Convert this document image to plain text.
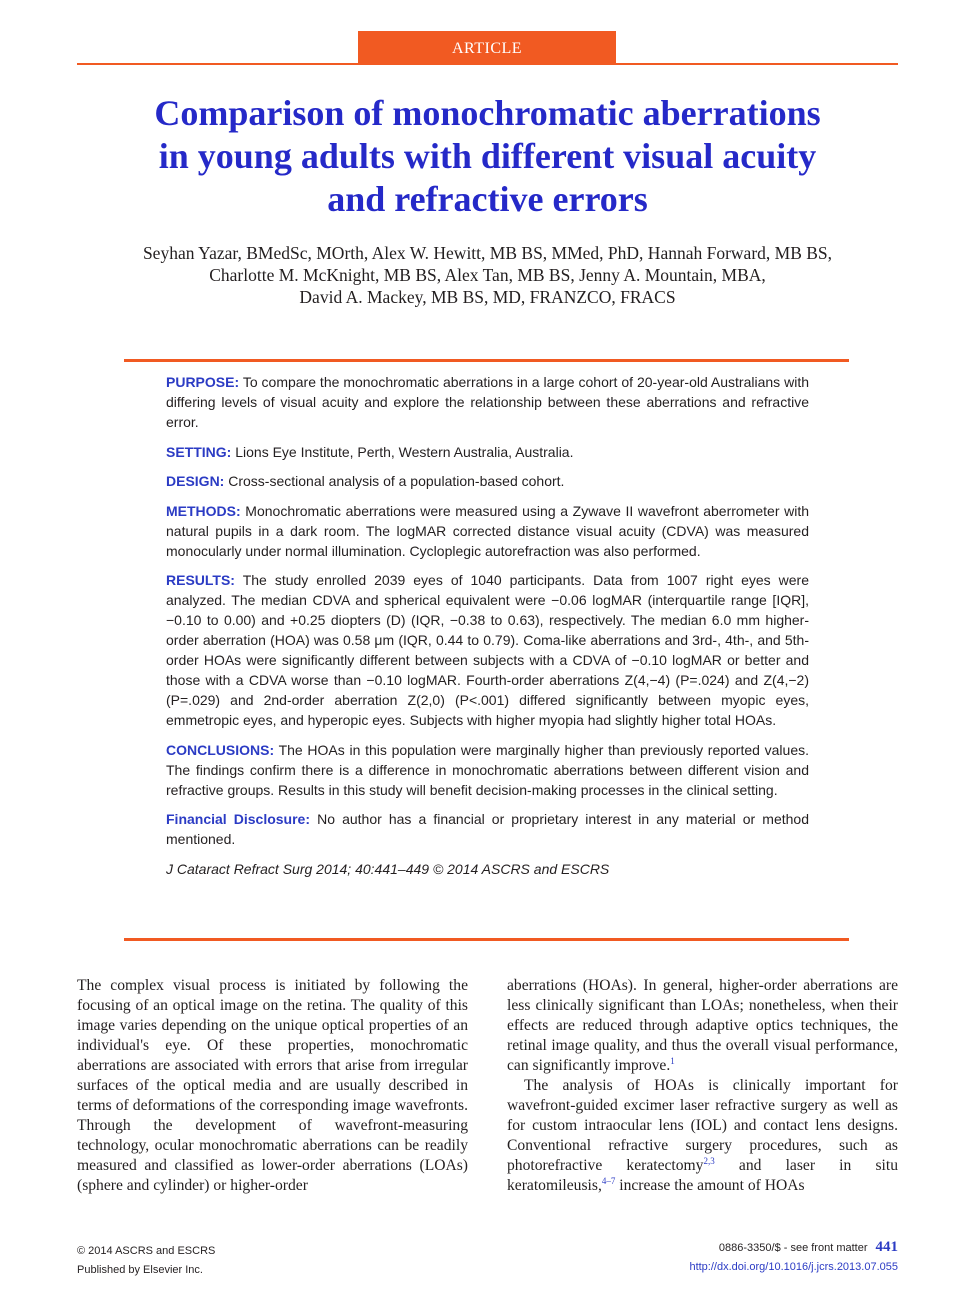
ARTICLE
Comparison of monochromatic aberrations
in young adults with different visual acuity
and refractive errors
Seyhan Yazar, BMedSc, MOrth, Alex W. Hewitt, MB BS, MMed, PhD, Hannah Forward, MB BS,
Charlotte M. McKnight, MB BS, Alex Tan, MB BS, Jenny A. Mountain, MBA,
David A. Mackey, MB BS, MD, FRANZCO, FRACS

PURPOSE: To compare the monochromatic aberrations in a large cohort of 20-year-old Australians with differing levels of visual acuity and explore the relationship between these aberrations and refractive error.

SETTING: Lions Eye Institute, Perth, Western Australia, Australia.

DESIGN: Cross-sectional analysis of a population-based cohort.

METHODS: Monochromatic aberrations were measured using a Zywave II wavefront aberrometer with natural pupils in a dark room. The logMAR corrected distance visual acuity (CDVA) was measured monocularly under normal illumination. Cycloplegic autorefraction was also performed.

RESULTS: The study enrolled 2039 eyes of 1040 participants. Data from 1007 right eyes were analyzed. The median CDVA and spherical equivalent were −0.06 logMAR (interquartile range [IQR], −0.10 to 0.00) and +0.25 diopters (D) (IQR, −0.38 to 0.63), respectively. The median 6.0 mm higher-order aberration (HOA) was 0.58 μm (IQR, 0.44 to 0.79). Coma-like aberrations and 3rd-, 4th-, and 5th-order HOAs were significantly different between subjects with a CDVA of −0.10 logMAR or better and those with a CDVA worse than −0.10 logMAR. Fourth-order aberrations Z(4,−4) (P=.024) and Z(4,−2) (P=.029) and 2nd-order aberration Z(2,0) (P<.001) differed significantly between myopic eyes, emmetropic eyes, and hyperopic eyes. Subjects with higher myopia had slightly higher total HOAs.

CONCLUSIONS: The HOAs in this population were marginally higher than previously reported values. The findings confirm there is a difference in monochromatic aberrations between different vision and refractive groups. Results in this study will benefit decision-making processes in the clinical setting.

Financial Disclosure: No author has a financial or proprietary interest in any material or method mentioned.

J Cataract Refract Surg 2014; 40:441–449 © 2014 ASCRS and ESCRS

The complex visual process is initiated by following the focusing of an optical image on the retina. The quality of this image varies depending on the unique optical properties of an individual's eye. Of these properties, monochromatic aberrations are associated with errors that arise from irregular surfaces of the optical media and are usually described in terms of deformations of the corresponding image wavefronts. Through the development of wavefront-measuring technology, ocular monochromatic aberrations can be readily measured and classified as lower-order aberrations (LOAs) (sphere and cylinder) or higher-order

aberrations (HOAs). In general, higher-order aberrations are less clinically significant than LOAs; nonetheless, when their effects are reduced through adaptive optics techniques, the retinal image quality, and thus the overall visual performance, can significantly improve.$^1$

The analysis of HOAs is clinically important for wavefront-guided excimer laser refractive surgery as well as for custom intraocular lens (IOL) and contact lens designs. Conventional refractive surgery procedures, such as photorefractive keratectomy$^{2,3}$ and laser in situ keratomileusis,$^{4-7}$ increase the amount of HOAs

© 2014 ASCRS and ESCRS
Published by Elsevier Inc.
0886-3350/$ - see front matter 441
http://dx.doi.org/10.1016/j.jcrs.2013.07.055
